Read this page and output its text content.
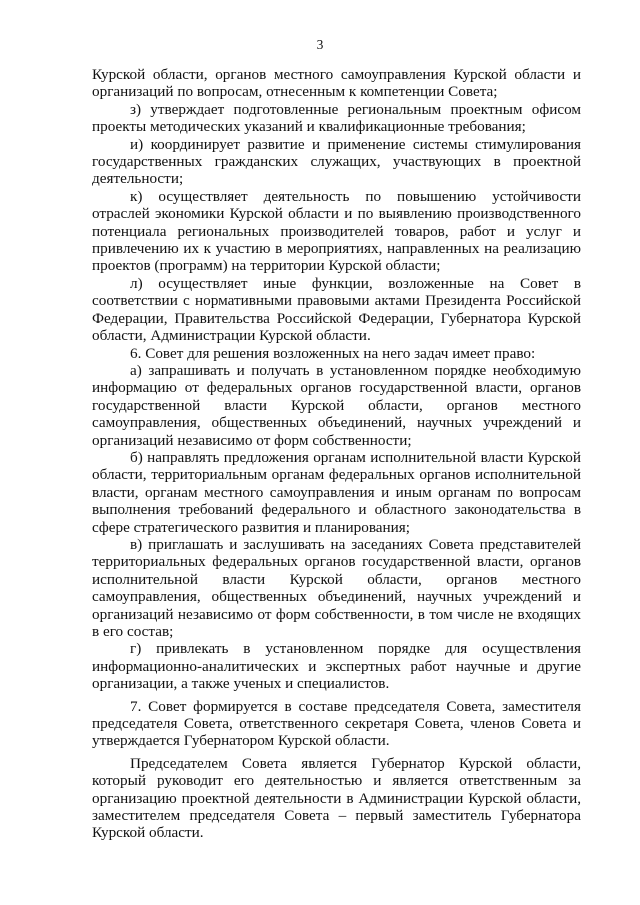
3

Курской области, органов местного самоуправления Курской области и организаций по вопросам, отнесенным к компетенции Совета;

з) утверждает подготовленные региональным проектным офисом проекты методических указаний и квалификационные требования;

и) координирует развитие и применение системы стимулирования государственных гражданских служащих, участвующих в проектной деятельности;

к) осуществляет деятельность по повышению устойчивости отраслей экономики Курской области и по выявлению производственного потенциала региональных производителей товаров, работ и услуг и привлечению их к участию в мероприятиях, направленных на реализацию проектов (программ) на территории Курской области;

л) осуществляет иные функции, возложенные на Совет в соответствии с нормативными правовыми актами Президента Российской Федерации, Правительства Российской Федерации, Губернатора Курской области, Администрации Курской области.

6. Совет для решения возложенных на него задач имеет право:

а) запрашивать и получать в установленном порядке необходимую информацию от федеральных органов государственной власти, органов государственной власти Курской области, органов местного самоуправления, общественных объединений, научных учреждений и организаций независимо от форм собственности;

б) направлять предложения органам исполнительной власти Курской области, территориальным органам федеральных органов исполнительной власти, органам местного самоуправления и иным органам по вопросам выполнения требований федерального и областного законодательства в сфере стратегического развития и планирования;

в) приглашать и заслушивать на заседаниях Совета представителей территориальных федеральных органов государственной власти, органов исполнительной власти Курской области, органов местного самоуправления, общественных объединений, научных учреждений и организаций независимо от форм собственности, в том числе не входящих в его состав;

г) привлекать в установленном порядке для осуществления информационно-аналитических и экспертных работ научные и другие организации, а также ученых и специалистов.

7. Совет формируется в составе председателя Совета, заместителя председателя Совета, ответственного секретаря Совета, членов Совета и утверждается Губернатором Курской области.

Председателем Совета является Губернатор Курской области, который руководит его деятельностью и является ответственным за организацию проектной деятельности в Администрации Курской области, заместителем председателя Совета – первый заместитель Губернатора Курской области.
